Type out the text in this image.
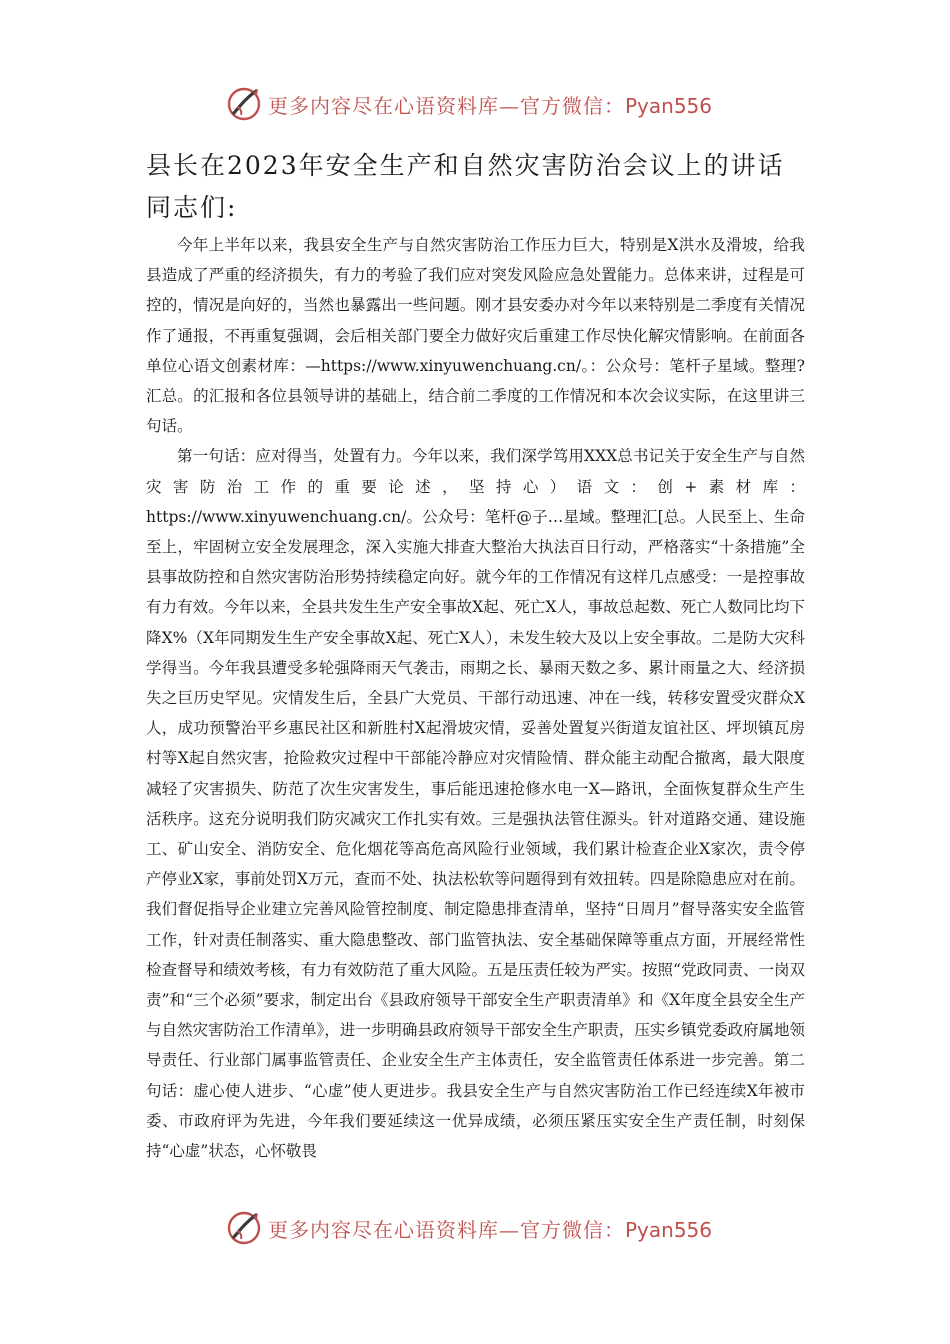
更多内容尽在心语资料库—官方微信：Pyan556
县长在2023年安全生产和自然灾害防治会议上的讲话
同志们:

今年上半年以来，我县安全生产与自然灾害防治工作压力巨大，特别是X洪水及滑坡，给我县造成了严重的经济损失，有力的考验了我们应对突发风险应急处置能力。总体来讲，过程是可控的，情况是向好的，当然也暴露出一些问题。刚才县安委办对今年以来特别是二季度有关情况作了通报，不再重复强调，会后相关部门要全力做好灾后重建工作尽快化解灾情影响。在前面各单位心语文创素材库：—https://www.xinyuwenchuang.cn/。：公众号：笔杆子星域。整理?汇总。的汇报和各位县领导讲的基础上，结合前二季度的工作情况和本次会议实际，在这里讲三句话。

第一句话：应对得当，处置有力。今年以来，我们深学笃用XXX总书记关于安全生产与自然灾害防治工作的重要论述，坚持心）语文：创+素材库：https://www.xinyuwenchuang.cn/。公众号：笔杆@子…星域。整理汇[总。人民至上、生命至上，牢固树立安全发展理念，深入实施大排查大整治大执法百日行动，严格落实“十条措施”全县事故防控和自然灾害防治形势持续稳定向好。就今年的工作情况有这样几点感受：一是控事故有力有效。今年以来，全县共发生生产安全事故X起、死亡X人，事故总起数、死亡人数同比均下降X%（X年同期发生生产安全事故X起、死亡X人），未发生较大及以上安全事故。二是防大灾科学得当。今年我县遭受多轮强降雨天气袭击，雨期之长、暴雨天数之多、累计雨量之大、经济损失之巨历史罕见。灾情发生后，全县广大党员、干部行动迅速、冲在一线，转移安置受灾群众X人，成功预警治平乡惠民社区和新胜村X起滑坡灾情，妥善处置复兴街道友谊社区、坪坝镇瓦房村等X起自然灾害，抢险救灾过程中干部能冷静应对灾情险情、群众能主动配合撤离，最大限度减轻了灾害损失、防范了次生灾害发生，事后能迅速抢修水电一X—路讯，全面恢复群众生产生活秩序。这充分说明我们防灾减灾工作扎实有效。三是强执法管住源头。针对道路交通、建设施工、矿山安全、消防安全、危化烟花等高危高风险行业领域，我们累计检查企业X家次，责令停产停业X家，事前处罚X万元，查而不处、执法松软等问题得到有效扭转。四是除隐患应对在前。我们督促指导企业建立完善风险管控制度、制定隐患排查清单，坚持“日周月”督导落实安全监管工作，针对责任制落实、重大隐患整改、部门监管执法、安全基础保障等重点方面，开展经常性检查督导和绩效考核，有力有效防范了重大风险。五是压责任较为严实。按照“党政同责、一岗双责”和“三个必须”要求，制定出台《县政府领导干部安全生产职责清单》和《X年度全县安全生产与自然灾害防治工作清单》，进一步明确县政府领导干部安全生产职责，压实乡镇党委政府属地领导责任、行业部门属事监管责任、企业安全生产主体责任，安全监管责任体系进一步完善。第二句话：虚心使人进步、“心虚”使人更进步。我县安全生产与自然灾害防治工作已经连续X年被市委、市政府评为先进，今年我们要延续这一优异成绩，必须压紧压实安全生产责任制，时刻保持“心虚”状态，心怀敬畏

更多内容尽在心语资料库—官方微信：Pyan556
